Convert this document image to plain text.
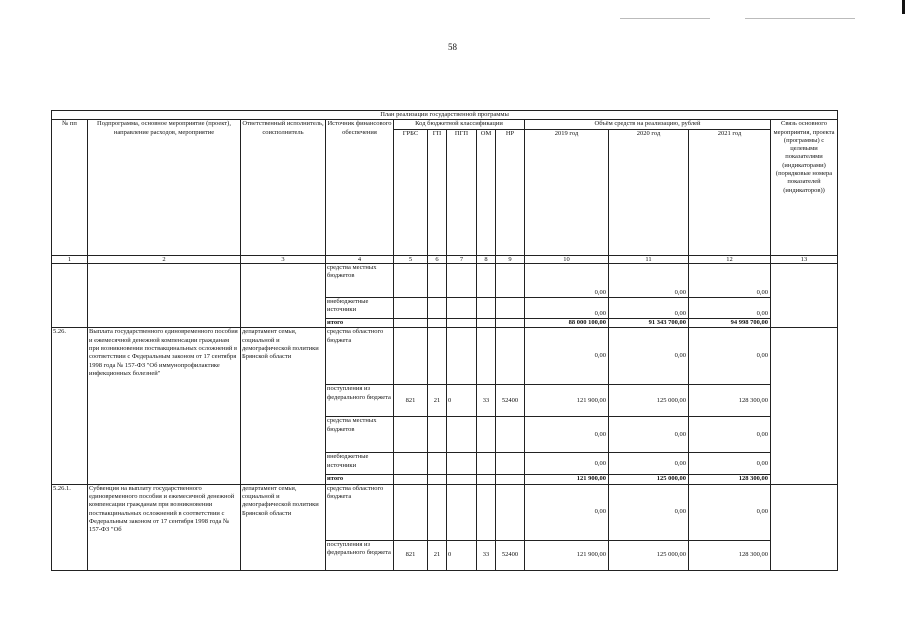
58
План реализации государственной программы												
№ пп	Подпрограмма, основное мероприятие (проект), направление расходов, мероприятие	Ответственный исполнитель, соисполнитель	Источник финансового обеспечения	Код бюджетной классификации					Объём средств на реализацию, рублей			Связь основного мероприятия, проекта (программы) с целевыми показателями (индикаторами) (порядковые номера показателей (индикаторов))
				ГРБС	ГП	ПГП	ОМ	НР	2019 год	2020 год	2021 год	
1	2	3	4	5	6	7	8	9	10	11	12	13
			средства местных бюджетов						0,00	0,00	0,00	
			внебюджетные источники						0,00	0,00	0,00	
			итого						88 000 100,00	91 343 700,00	94 998 700,00	
5.26.	Выплата государственного единовременного пособия и ежемесячной денежной компенсации гражданам при возникновении поствакцинальных осложнений в соответствии с Федеральным законом от 17 сентября 1998 года № 157-ФЗ "Об иммунопрофилактике инфекционных болезней"	департамент семьи, социальной и демографической политики Брянской области	средства областного бюджета						0,00	0,00	0,00	
			поступления из федерального бюджета	821	21	0	33	52400	121 900,00	125 000,00	128 300,00	
			средства местных бюджетов						0,00	0,00	0,00	
			внебюджетные источники						0,00	0,00	0,00	
			итого						121 900,00	125 000,00	128 300,00	
5.26.1.	Субвенция на выплату государственного единовременного пособия и ежемесячной денежной компенсации гражданам при возникновении поствакцинальных осложнений в соответствии с Федеральным законом от 17 сентября 1998 года № 157-ФЗ "Об	департамент семьи, социальной и демографической политики Брянской области	средства областного бюджета						0,00	0,00	0,00	
			поступления из федерального бюджета	821	21	0	33	52400	121 900,00	125 000,00	128 300,00	
